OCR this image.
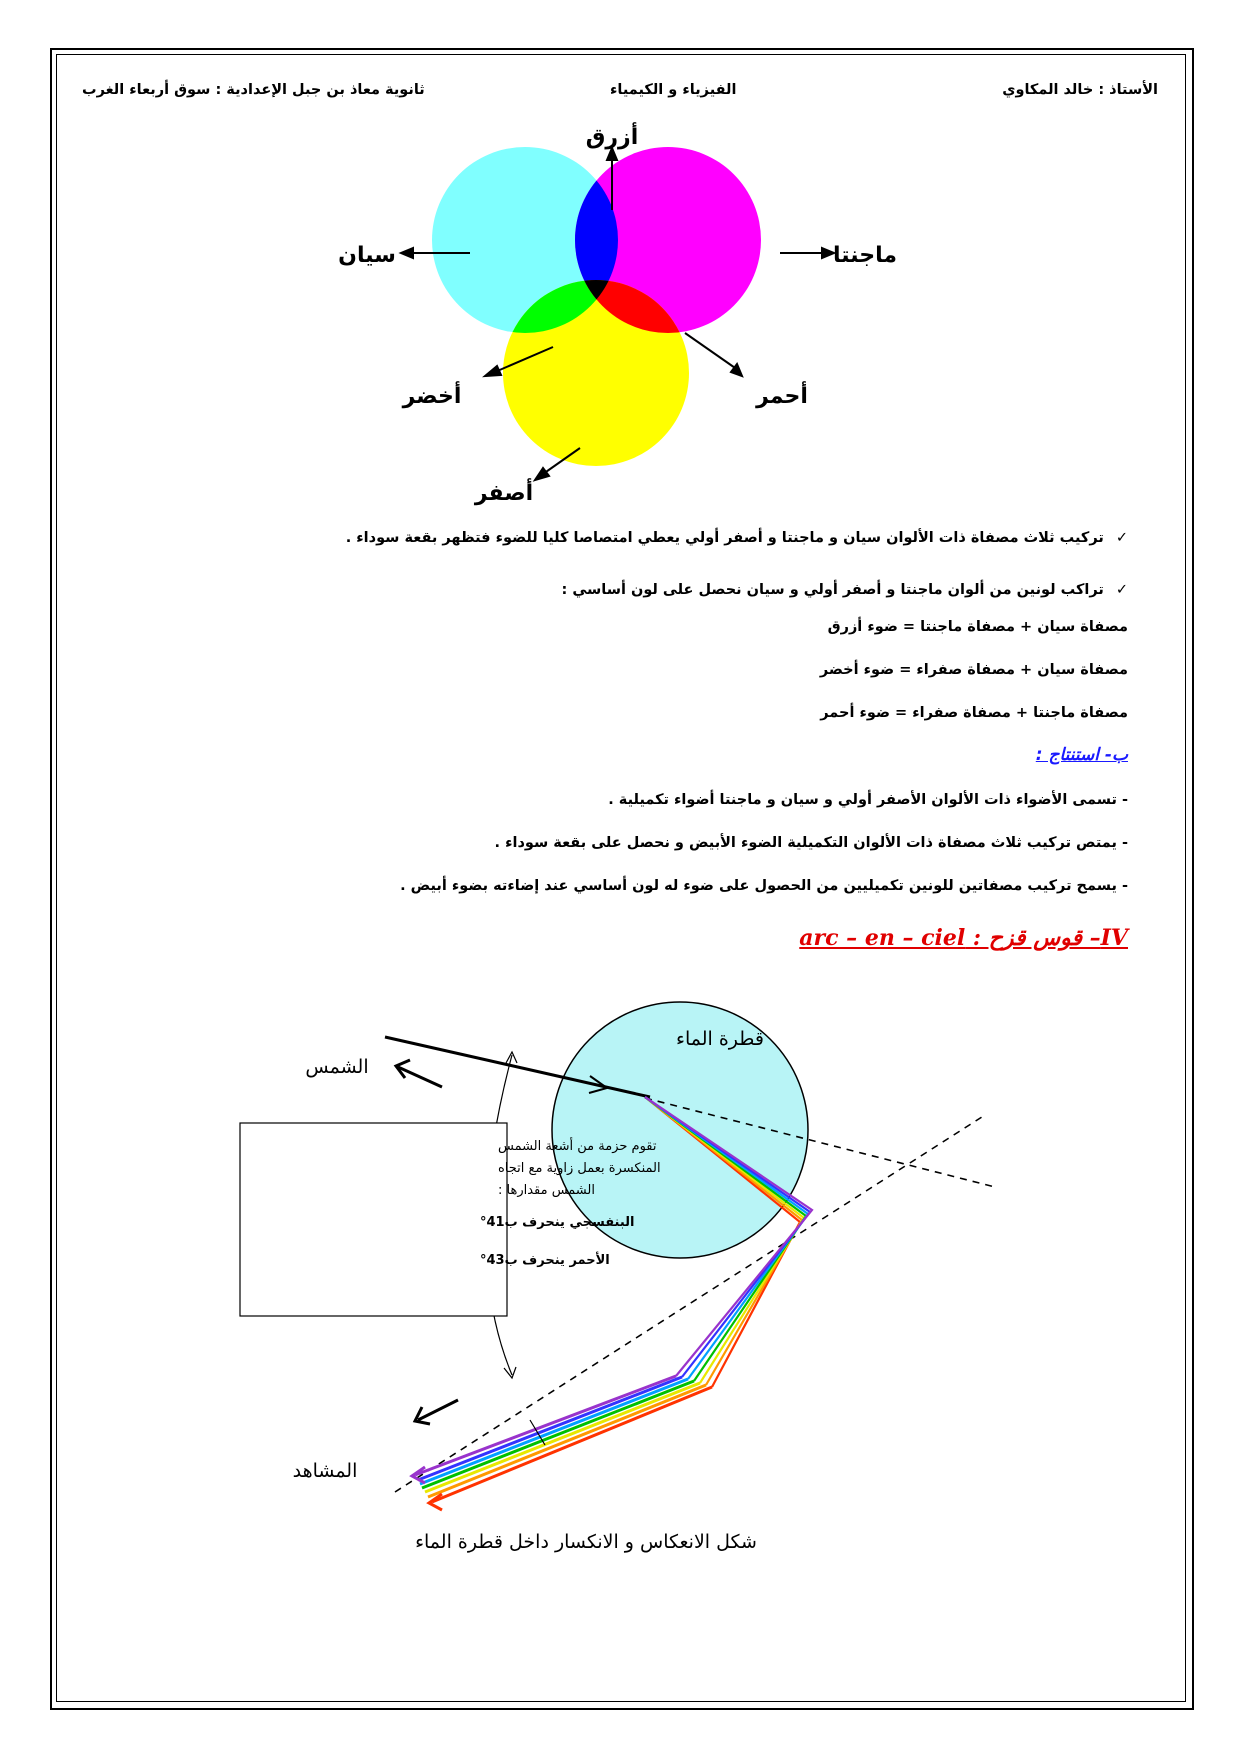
الأستاذ : خالد المكاوي
الفيزياء و الكيمياء
ثانوية معاذ بن جبل الإعدادية : سوق أربعاء الغرب
أزرق
سيان	ماجنتا
أخضر	أحمر
أصفر
✓تركيب ثلاث مصفاة ذات الألوان سيان و ماجنتا و أصفر أولي يعطي امتصاصا كليا للضوء فتظهر بقعة سوداء .
✓تراكب لونين من ألوان ماجنتا و أصفر أولي و سيان نحصل على لون أساسي :
مصفاة سيان + مصفاة ماجنتا = ضوء أزرق
مصفاة سيان + مصفاة صفراء = ضوء أخضر
مصفاة ماجنتا + مصفاة صفراء = ضوء أحمر
ب- استنتاج :
- تسمى الأضواء ذات الألوان الأصفر أولي و سيان و ماجنتا أضواء تكميلية .
- يمتص تركيب ثلاث مصفاة ذات الألوان التكميلية الضوء الأبيض و نحصل على بقعة سوداء .
- يسمح تركيب مصفاتين للونين تكميليين من الحصول على ضوء له لون أساسي عند إضاءته بضوء أبيض .
IV– قوس قزح : arc – en – ciel
تقوم حزمة من أشعة الشمس
المنكسرة بعمل زاوية مع اتجاه
الشمس مقدارها :
البنفسجي ينحرف ب41°
الأحمر ينحرف ب43°
الشمس
قطرة الماء
المشاهد
شكل الانعكاس و الانكسار داخل قطرة الماء
